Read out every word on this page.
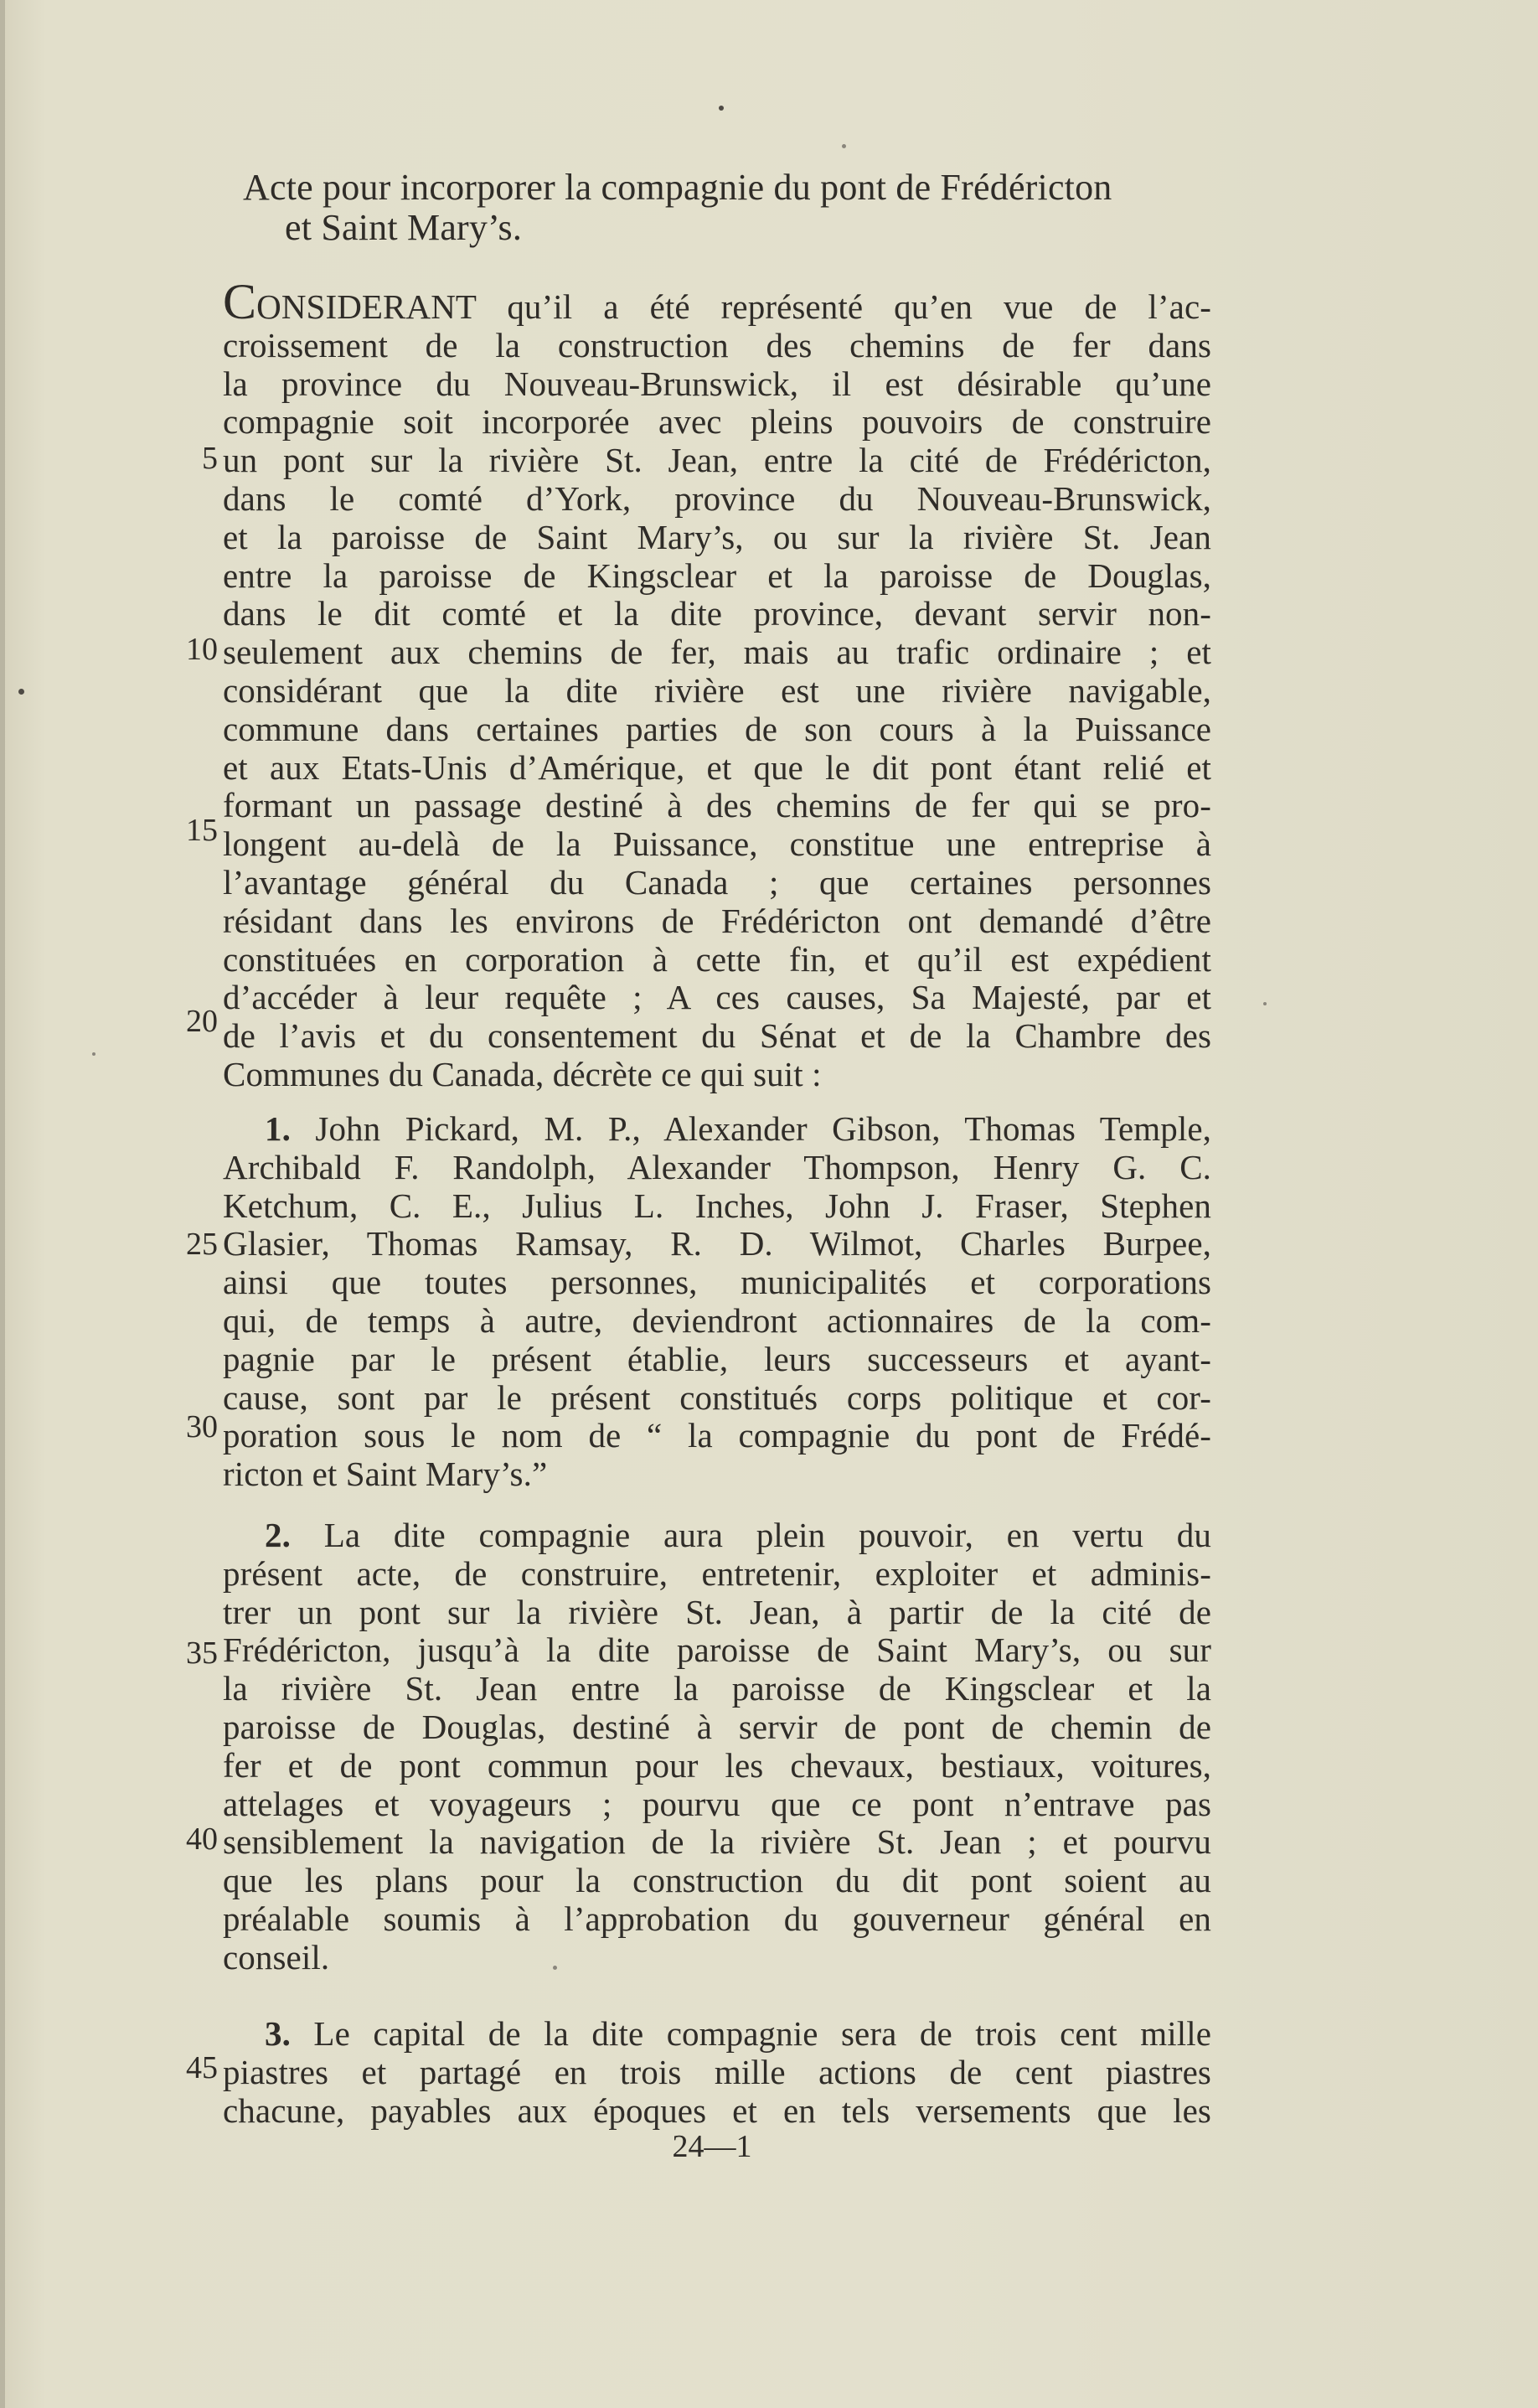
Acte pour incorporer la compagnie du pont de Frédéricton
et Saint Mary’s.
CONSIDERANT qu’il a été représenté qu’en vue de l’ac-
croissement de la construction des chemins de fer dans
la province du Nouveau-Brunswick, il est désirable qu’une
compagnie soit incorporée avec pleins pouvoirs de construire
un pont sur la rivière St. Jean, entre la cité de Frédéricton,
dans le comté d’York, province du Nouveau-Brunswick,
et la paroisse de Saint Mary’s, ou sur la rivière St. Jean
entre la paroisse de Kingsclear et la paroisse de Douglas,
dans le dit comté et la dite province, devant servir non-
seulement aux chemins de fer, mais au trafic ordinaire ; et
considérant que la dite rivière est une rivière navigable,
commune dans certaines parties de son cours à la Puissance
et aux Etats-Unis d’Amérique, et que le dit pont étant relié et
formant un passage destiné à des chemins de fer qui se pro-
longent au-delà de la Puissance, constitue une entreprise à
l’avantage général du Canada ; que certaines personnes
résidant dans les environs de Frédéricton ont demandé d’être
constituées en corporation à cette fin, et qu’il est expédient
d’accéder à leur requête ; A ces causes, Sa Majesté, par et
de l’avis et du consentement du Sénat et de la Chambre des
Communes du Canada, décrète ce qui suit :
1. John Pickard, M. P., Alexander Gibson, Thomas Temple,
Archibald F. Randolph, Alexander Thompson, Henry G. C.
Ketchum, C. E., Julius L. Inches, John J. Fraser, Stephen
Glasier, Thomas Ramsay, R. D. Wilmot, Charles Burpee,
ainsi que toutes personnes, municipalités et corporations
qui, de temps à autre, deviendront actionnaires de la com-
pagnie par le présent établie, leurs successeurs et ayant-
cause, sont par le présent constitués corps politique et cor-
poration sous le nom de “ la compagnie du pont de Frédé-
ricton et Saint Mary’s.”
2. La dite compagnie aura plein pouvoir, en vertu du
présent acte, de construire, entretenir, exploiter et adminis-
trer un pont sur la rivière St. Jean, à partir de la cité de
Frédéricton, jusqu’à la dite paroisse de Saint Mary’s, ou sur
la rivière St. Jean entre la paroisse de Kingsclear et la
paroisse de Douglas, destiné à servir de pont de chemin de
fer et de pont commun pour les chevaux, bestiaux, voitures,
attelages et voyageurs ; pourvu que ce pont n’entrave pas
sensiblement la navigation de la rivière St. Jean ; et pourvu
que les plans pour la construction du dit pont soient au
préalable soumis à l’approbation du gouverneur général en
conseil.
3. Le capital de la dite compagnie sera de trois cent mille
piastres et partagé en trois mille actions de cent piastres
chacune, payables aux époques et en tels versements que les
5
10
15
20
25
30
35
40
45
24—1
